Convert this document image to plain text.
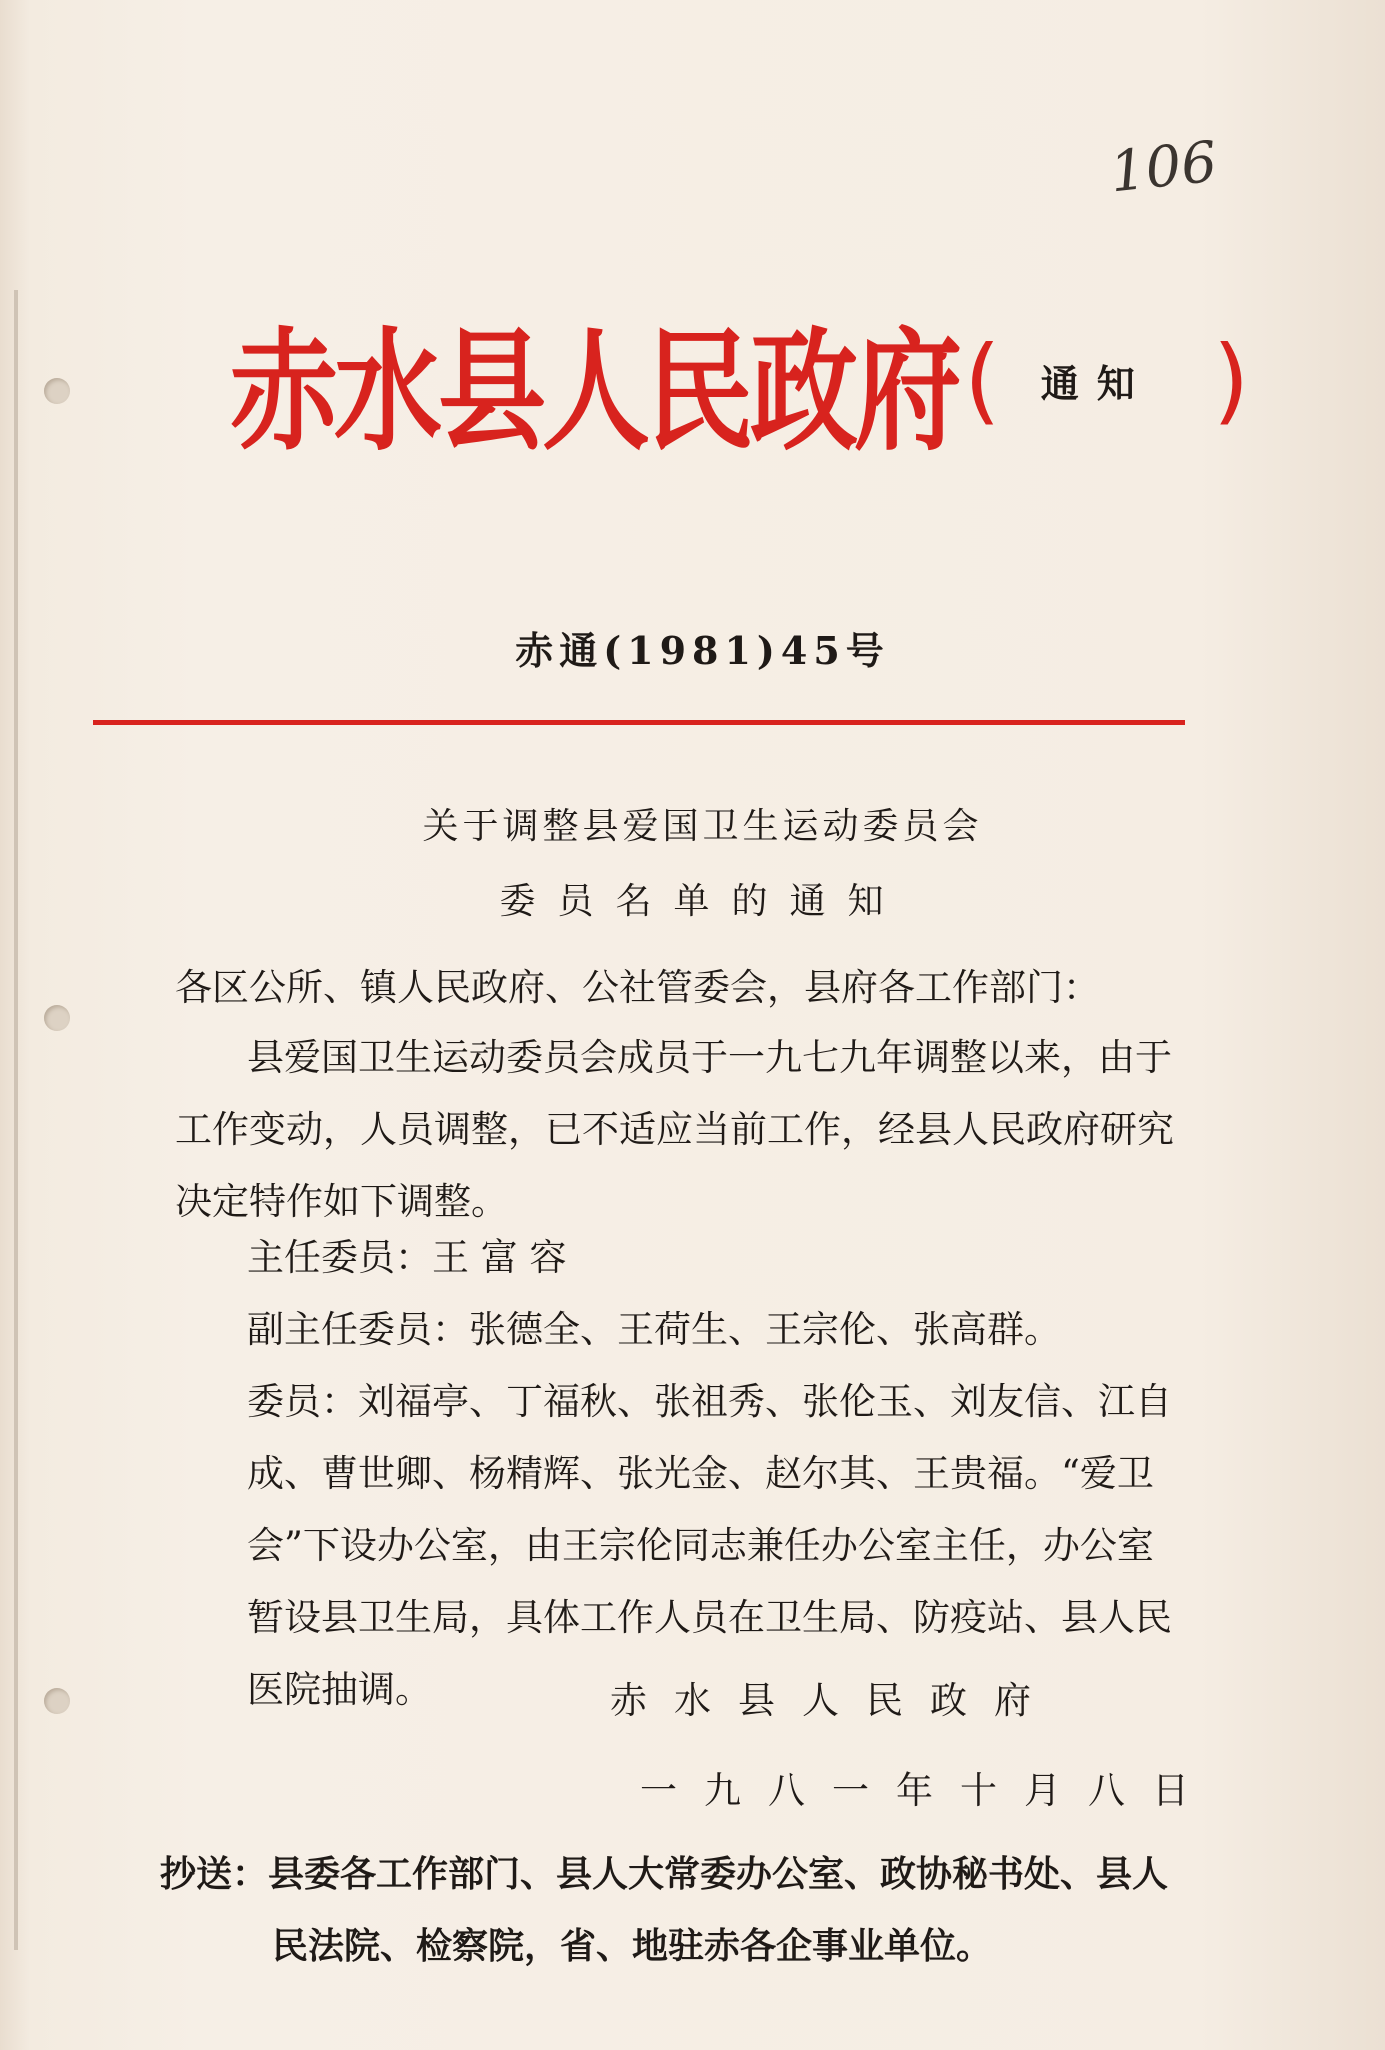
106
赤水县人民政府 ( 通知 )
赤通(1981)45号
关于调整县爱国卫生运动委员会
委员名单的通知
各区公所、镇人民政府、公社管委会，县府各工作部门：
县爱国卫生运动委员会成员于一九七九年调整以来，由于工作变动，人员调整，已不适应当前工作，经县人民政府研究决定特作如下调整。
主任委员：王 富 容
副主任委员：张德全、王荷生、王宗伦、张高群。
委员：刘福亭、丁福秋、张祖秀、张伦玉、刘友信、江自成、曹世卿、杨精辉、张光金、赵尔其、王贵福。“爱卫会”下设办公室，由王宗伦同志兼任办公室主任，办公室暂设县卫生局，具体工作人员在卫生局、防疫站、县人民医院抽调。	赤水县人民政府
一九八一年十月八日
抄送：县委各工作部门、县人大常委办公室、政协秘书处、县人
民法院、检察院，省、地驻赤各企事业单位。
